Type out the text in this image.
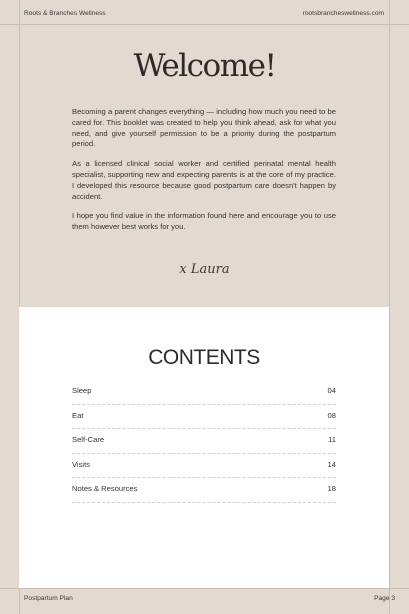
Roots & Branches Wellness	rootsbrancheswellness.com
Welcome!

Becoming a parent changes everything — including how much you need to be cared for. This booklet was created to help you think ahead, ask for what you need, and give yourself permission to be a priority during the postpartum period.

As a licensed clinical social worker and certified perinatal mental health specialist, supporting new and expecting parents is at the core of my practice. I developed this resource because good postpartum care doesn't happen by accident.

I hope you find value in the information found here and encourage you to use them however best works for you.

x Laura
CONTENTS
Sleep	04
Eat	08
Self-Care	11
Visits	14
Notes & Resources	18
Postpartum Plan	Page 3
